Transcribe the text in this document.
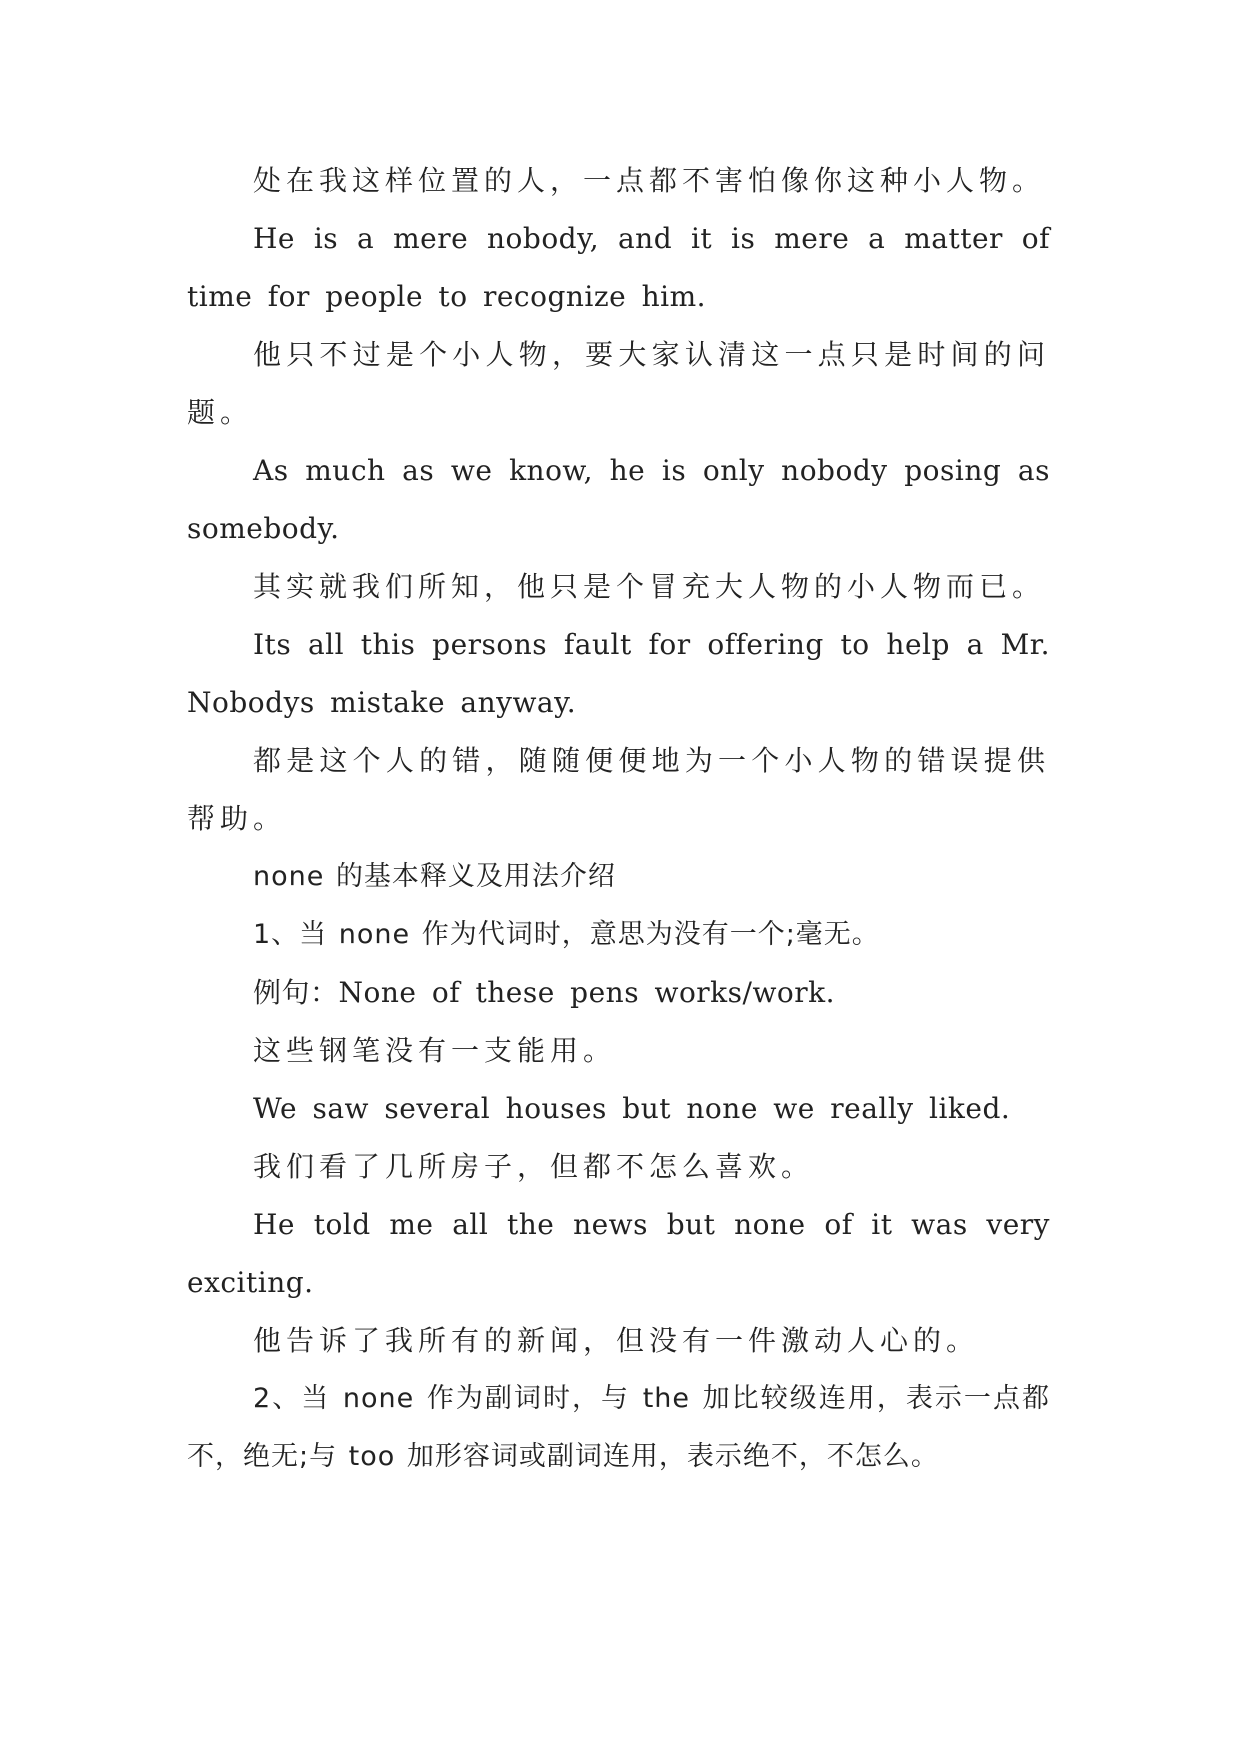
处在我这样位置的人，一点都不害怕像你这种小人物。

He is a mere nobody, and it is mere a matter of time for people to recognize him.

他只不过是个小人物，要大家认清这一点只是时间的问题。

As much as we know, he is only nobody posing as somebody.

其实就我们所知，他只是个冒充大人物的小人物而已。

Its all this persons fault for offering to help a Mr. Nobodys mistake anyway.

都是这个人的错，随随便便地为一个小人物的错误提供帮助。

none 的基本释义及用法介绍

1、当 none 作为代词时，意思为没有一个;毫无。

例句：None of these pens works/work.

这些钢笔没有一支能用。

We saw several houses but none we really liked.

我们看了几所房子，但都不怎么喜欢。

He told me all the news but none of it was very exciting.

他告诉了我所有的新闻，但没有一件激动人心的。

2、当 none 作为副词时，与 the 加比较级连用，表示一点都不，绝无;与 too 加形容词或副词连用，表示绝不，不怎么。
